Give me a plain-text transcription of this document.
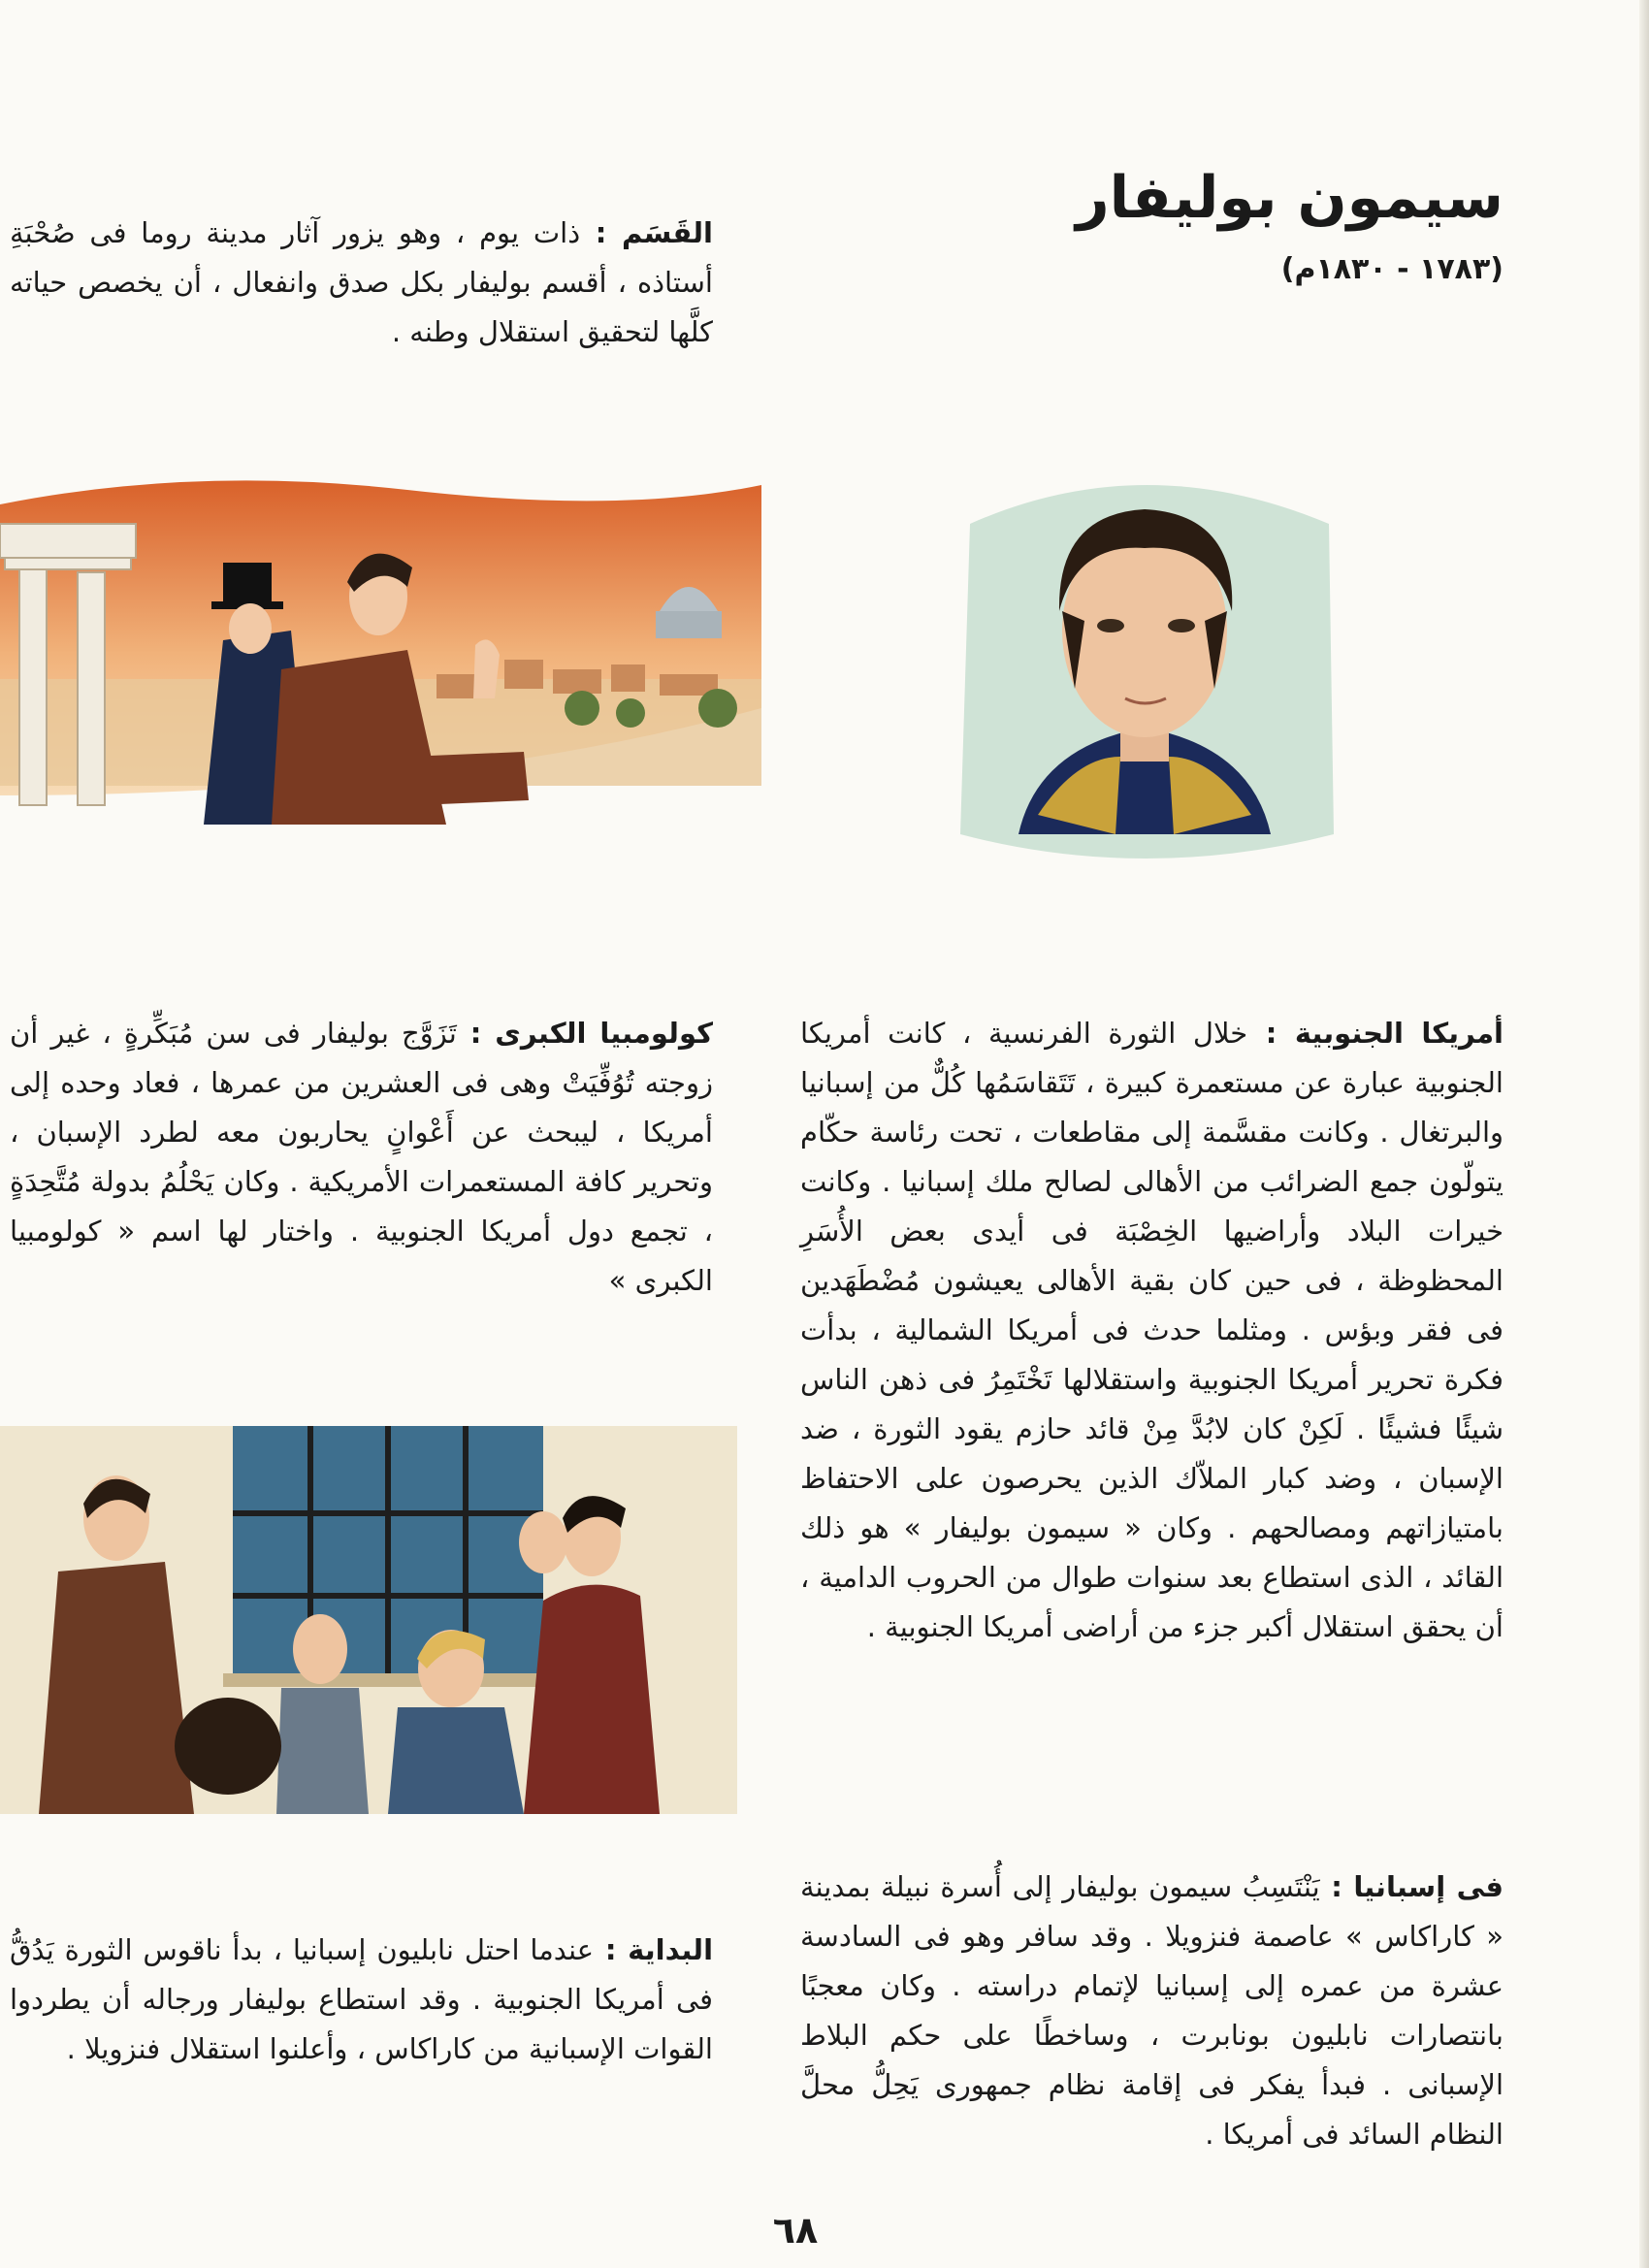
سيمون بوليفار
(١٧٨٣ - ١٨٣٠م)

القَسَم : ذات يوم ، وهو يزور آثار مدينة روما فى صُحْبَةِ أستاذه ، أقسم بوليفار بكل صدق وانفعال ، أن يخصص حياته كلَّها لتحقيق استقلال وطنه .

أمريكا الجنوبية : خلال الثورة الفرنسية ، كانت أمريكا الجنوبية عبارة عن مستعمرة كبيرة ، تَتَقاسَمُها كُلٌّ من إسبانيا والبرتغال . وكانت مقسَّمة إلى مقاطعات ، تحت رئاسة حكّام يتولّون جمع الضرائب من الأهالى لصالح ملك إسبانيا . وكانت خيرات البلاد وأراضيها الخِصْبَة فى أيدى بعض الأُسَرِ المحظوظة ، فى حين كان بقية الأهالى يعيشون مُضْطَهَدين فى فقر وبؤس . ومثلما حدث فى أمريكا الشمالية ، بدأت فكرة تحرير أمريكا الجنوبية واستقلالها تَخْتَمِرُ فى ذهن الناس شيئًا فشيئًا . لَكِنْ كان لابُدَّ مِنْ قائد حازم يقود الثورة ، ضد الإسبان ، وضد كبار الملاّك الذين يحرصون على الاحتفاظ بامتيازاتهم ومصالحهم . وكان « سيمون بوليفار » هو ذلك القائد ، الذى استطاع بعد سنوات طوال من الحروب الدامية ، أن يحقق استقلال أكبر جزء من أراضى أمريكا الجنوبية .

كولومبيا الكبرى : تَزَوَّج بوليفار فى سن مُبَكِّرةٍ ، غير أن زوجته تُوُفِّيَتْ وهى فى العشرين من عمرها ، فعاد وحده إلى أمريكا ، ليبحث عن أَعْوانٍ يحاربون معه لطرد الإسبان ، وتحرير كافة المستعمرات الأمريكية . وكان يَحْلُمُ بدولة مُتَّحِدَةٍ ، تجمع دول أمريكا الجنوبية . واختار لها اسم « كولومبيا الكبرى »

فى إسبانيا : يَنْتَسِبُ سيمون بوليفار إلى أُسرة نبيلة بمدينة « كاراكاس » عاصمة فنزويلا . وقد سافر وهو فى السادسة عشرة من عمره إلى إسبانيا لإتمام دراسته . وكان معجبًا بانتصارات نابليون بونابرت ، وساخطًا على حكم البلاط الإسبانى . فبدأ يفكر فى إقامة نظام جمهورى يَحِلُّ محلَّ النظام السائد فى أمريكا .

البداية : عندما احتل نابليون إسبانيا ، بدأ ناقوس الثورة يَدُقُّ فى أمريكا الجنوبية . وقد استطاع بوليفار ورجاله أن يطردوا القوات الإسبانية من كاراكاس ، وأعلنوا استقلال فنزويلا .

٦٨
